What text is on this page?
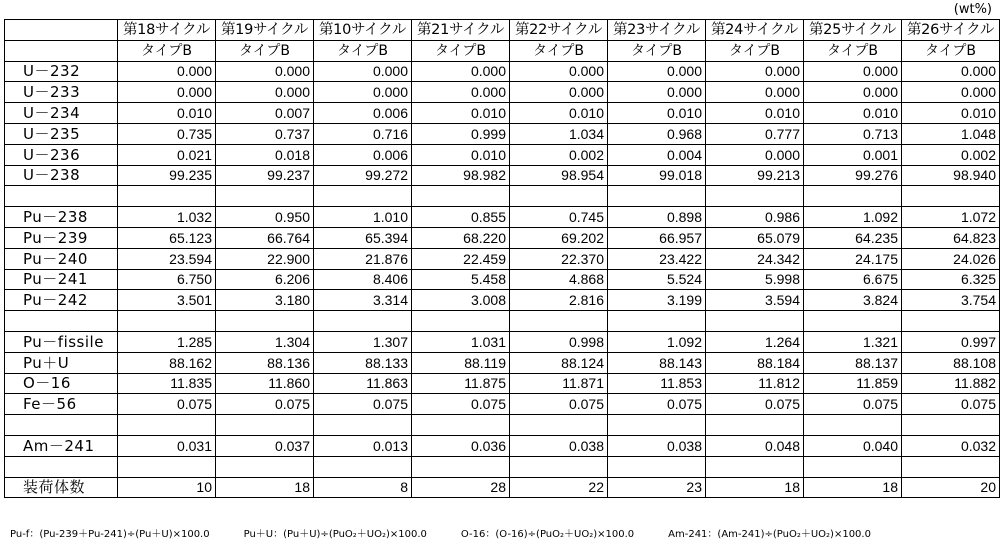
(wt%)
	第18サイクル	第19サイクル	第10サイクル	第21サイクル	第22サイクル	第23サイクル	第24サイクル	第25サイクル	第26サイクル
	タイプB	タイプB	タイプB	タイプB	タイプB	タイプB	タイプB	タイプB	タイプB
U－232	0.000	0.000	0.000	0.000	0.000	0.000	0.000	0.000	0.000
U－233	0.000	0.000	0.000	0.000	0.000	0.000	0.000	0.000	0.000
U－234	0.010	0.007	0.006	0.010	0.010	0.010	0.010	0.010	0.010
U－235	0.735	0.737	0.716	0.999	1.034	0.968	0.777	0.713	1.048
U－236	0.021	0.018	0.006	0.010	0.002	0.004	0.000	0.001	0.002
U－238	99.235	99.237	99.272	98.982	98.954	99.018	99.213	99.276	98.940

Pu－238	1.032	0.950	1.010	0.855	0.745	0.898	0.986	1.092	1.072
Pu－239	65.123	66.764	65.394	68.220	69.202	66.957	65.079	64.235	64.823
Pu－240	23.594	22.900	21.876	22.459	22.370	23.422	24.342	24.175	24.026
Pu－241	6.750	6.206	8.406	5.458	4.868	5.524	5.998	6.675	6.325
Pu－242	3.501	3.180	3.314	3.008	2.816	3.199	3.594	3.824	3.754

Pu－fissile	1.285	1.304	1.307	1.031	0.998	1.092	1.264	1.321	0.997
Pu＋U	88.162	88.136	88.133	88.119	88.124	88.143	88.184	88.137	88.108
O－16	11.835	11.860	11.863	11.875	11.871	11.853	11.812	11.859	11.882
Fe－56	0.075	0.075	0.075	0.075	0.075	0.075	0.075	0.075	0.075

Am－241	0.031	0.037	0.013	0.036	0.038	0.038	0.048	0.040	0.032

装荷体数	10	18	8	28	22	23	18	18	20
Pu-f：(Pu-239＋Pu-241)÷(Pu＋U)×100.0	Pu＋U：(Pu＋U)÷(PuO₂＋UO₂)×100.0	O-16：(O-16)÷(PuO₂＋UO₂)×100.0	Am-241：(Am-241)÷(PuO₂＋UO₂)×100.0
